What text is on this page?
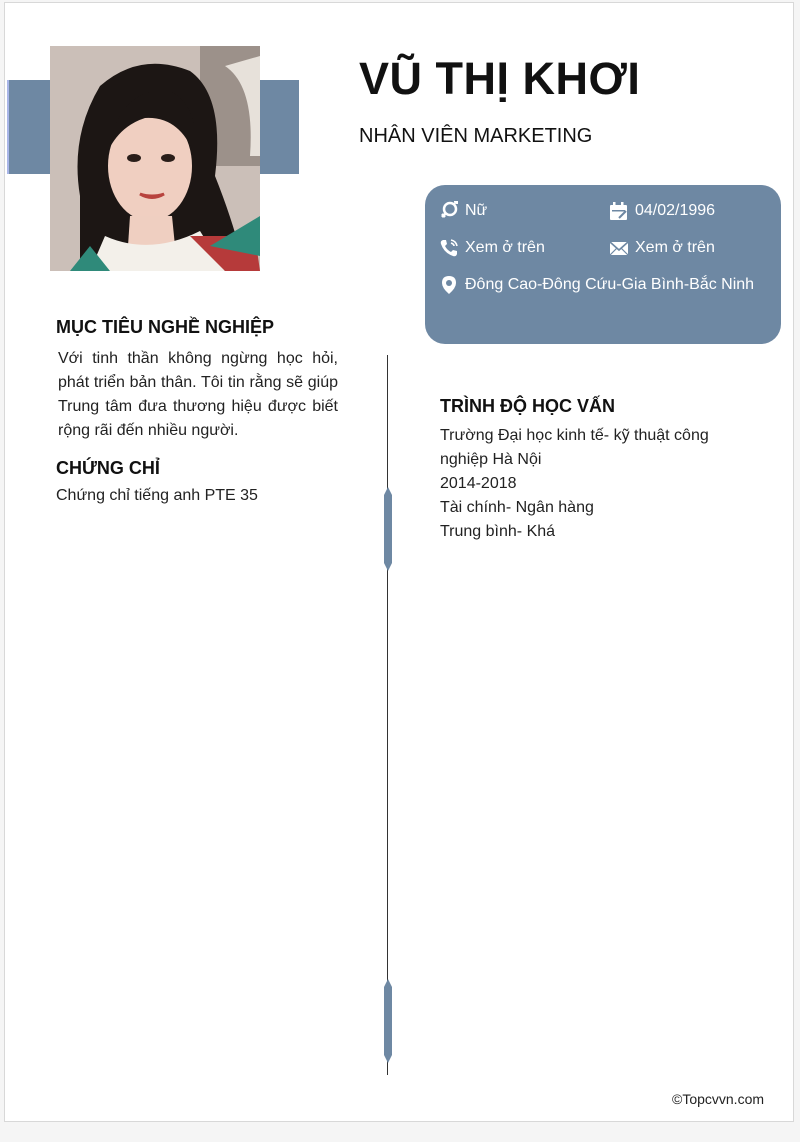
VŨ THỊ KHƠI
NHÂN VIÊN MARKETING
Nữ	04/02/1996
Xem ở trên	Xem ở trên
Đông Cao-Đông Cứu-Gia Bình-Bắc Ninh
MỤC TIÊU NGHỀ NGHIỆP
Với tinh thần không ngừng học hỏi, phát triển bản thân. Tôi tin rằng sẽ giúp Trung tâm đưa thương hiệu được biết rộng rãi đến nhiều người.
CHỨNG CHỈ
Chứng chỉ tiếng anh PTE 35
TRÌNH ĐỘ HỌC VẤN
Trường Đại học kinh tế- kỹ thuật công
nghiệp Hà Nội
2014-2018
Tài chính- Ngân hàng
Trung bình- Khá
©Topcvvn.com
